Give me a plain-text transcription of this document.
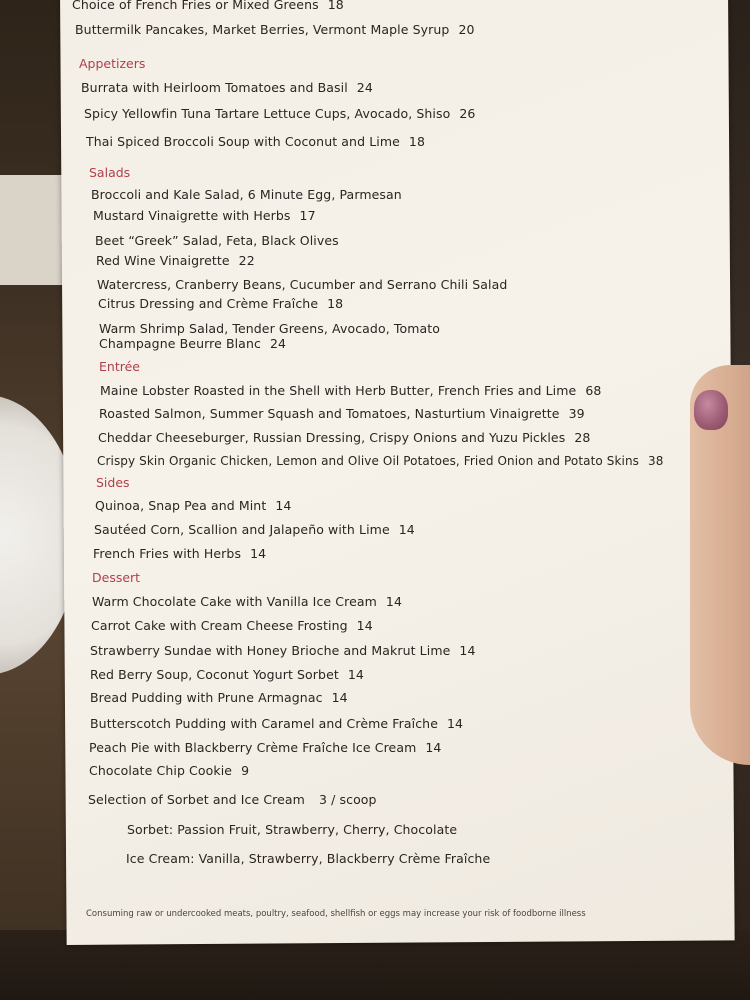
Choice of French Fries or Mixed Greens 18
Buttermilk Pancakes, Market Berries, Vermont Maple Syrup 20
Appetizers
Burrata with Heirloom Tomatoes and Basil 24
Spicy Yellowfin Tuna Tartare Lettuce Cups, Avocado, Shiso 26
Thai Spiced Broccoli Soup with Coconut and Lime 18
Salads
Broccoli and Kale Salad, 6 Minute Egg, Parmesan
Mustard Vinaigrette with Herbs 17
Beet “Greek” Salad, Feta, Black Olives
Red Wine Vinaigrette 22
Watercress, Cranberry Beans, Cucumber and Serrano Chili Salad
Citrus Dressing and Crème Fraîche 18
Warm Shrimp Salad, Tender Greens, Avocado, Tomato
Champagne Beurre Blanc 24
Entrée
Maine Lobster Roasted in the Shell with Herb Butter, French Fries and Lime 68
Roasted Salmon, Summer Squash and Tomatoes, Nasturtium Vinaigrette 39
Cheddar Cheeseburger, Russian Dressing, Crispy Onions and Yuzu Pickles 28
Crispy Skin Organic Chicken, Lemon and Olive Oil Potatoes, Fried Onion and Potato Skins 38
Sides
Quinoa, Snap Pea and Mint 14
Sautéed Corn, Scallion and Jalapeño with Lime 14
French Fries with Herbs 14
Dessert
Warm Chocolate Cake with Vanilla Ice Cream 14
Carrot Cake with Cream Cheese Frosting 14
Strawberry Sundae with Honey Brioche and Makrut Lime 14
Red Berry Soup, Coconut Yogurt Sorbet 14
Bread Pudding with Prune Armagnac 14
Butterscotch Pudding with Caramel and Crème Fraîche 14
Peach Pie with Blackberry Crème Fraîche Ice Cream 14
Chocolate Chip Cookie 9
Selection of Sorbet and Ice Cream 3 / scoop
Sorbet: Passion Fruit, Strawberry, Cherry, Chocolate
Ice Cream: Vanilla, Strawberry, Blackberry Crème Fraîche
Consuming raw or undercooked meats, poultry, seafood, shellfish or eggs may increase your risk of foodborne illness
